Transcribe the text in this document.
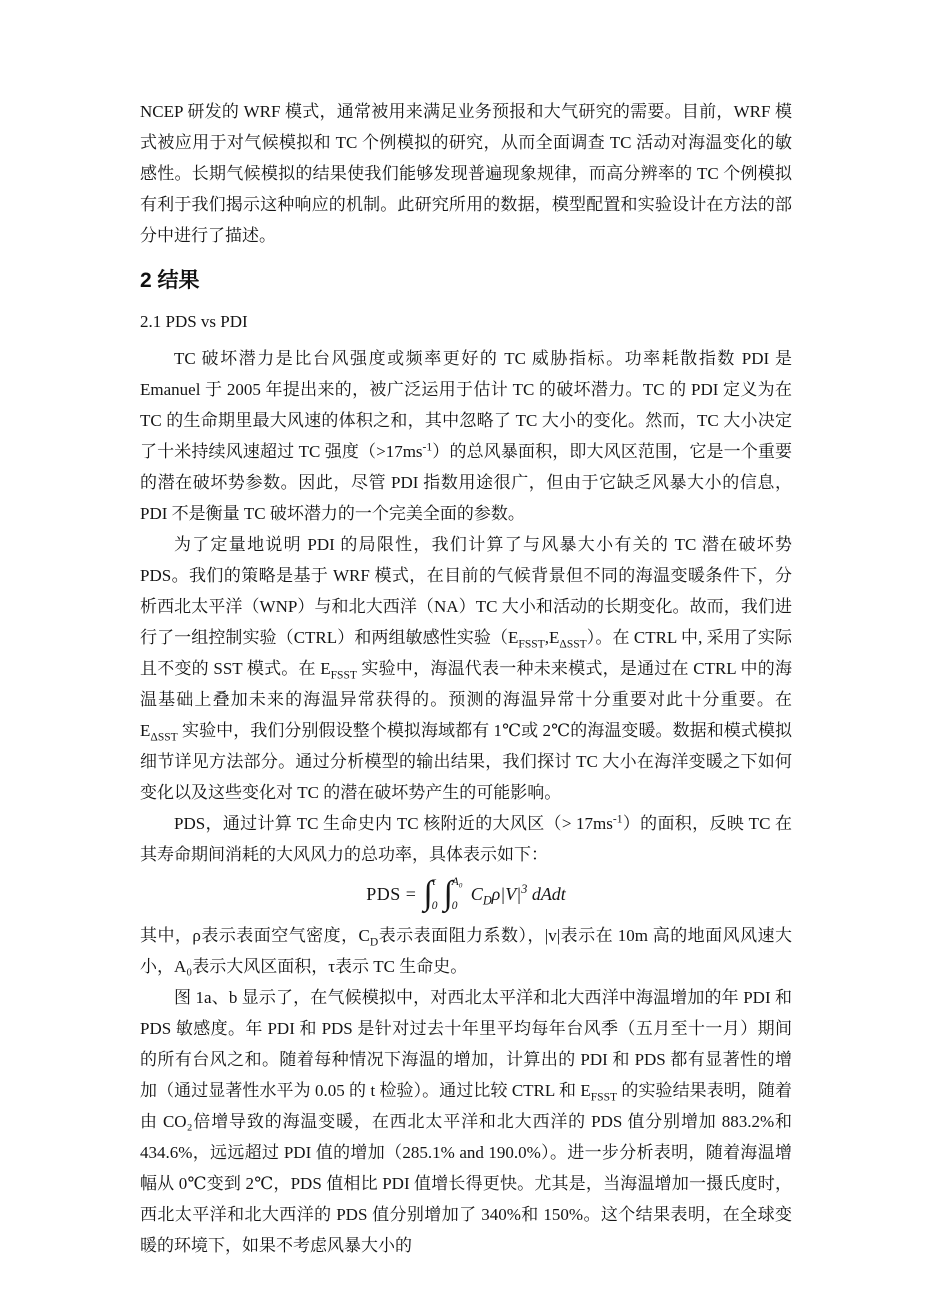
NCEP 研发的 WRF 模式，通常被用来满足业务预报和大气研究的需要。目前，WRF 模式被应用于对气候模拟和 TC 个例模拟的研究，从而全面调查 TC 活动对海温变化的敏感性。长期气候模拟的结果使我们能够发现普遍现象规律，而高分辨率的 TC 个例模拟有利于我们揭示这种响应的机制。此研究所用的数据，模型配置和实验设计在方法的部分中进行了描述。

2 结果
2.1 PDS vs PDI

TC 破坏潜力是比台风强度或频率更好的 TC 威胁指标。功率耗散指数 PDI 是 Emanuel 于 2005 年提出来的，被广泛运用于估计 TC 的破坏潜力。TC 的 PDI 定义为在 TC 的生命期里最大风速的体积之和，其中忽略了 TC 大小的变化。然而，TC 大小决定了十米持续风速超过 TC 强度$(>17ms^{-1})$的总风暴面积，即大风区范围，它是一个重要的潜在破坏势参数。因此，尽管 PDI 指数用途很广，但由于它缺乏风暴大小的信息，PDI 不是衡量 TC 破坏潜力的一个完美全面的参数。

为了定量地说明 PDI 的局限性，我们计算了与风暴大小有关的 TC 潜在破坏势 PDS。我们的策略是基于 WRF 模式，在目前的气候背景但不同的海温变暖条件下，分析西北太平洋（WNP）与和北大西洋（NA）TC 大小和活动的长期变化。故而，我们进行了一组控制实验（CTRL）和两组敏感性实验$(E_{FSST},E_{\Delta SST})$。在 CTRL 中, 采用了实际且不变的 SST 模式。在 $E_{FSST}$ 实验中，海温代表一种未来模式，是通过在 CTRL 中的海温基础上叠加未来的海温异常获得的。预测的海温异常十分重要对此十分重要。在 $E_{\Delta SST}$ 实验中，我们分别假设整个模拟海域都有 1℃或 2℃的海温变暖。数据和模式模拟细节详见方法部分。通过分析模型的输出结果，我们探讨 TC 大小在海洋变暖之下如何变化以及这些变化对 TC 的潜在破坏势产生的可能影响。

PDS，通过计算 TC 生命史内 TC 核附近的大风区（> $17ms^{-1}$）的面积，反映 TC 在其寿命期间消耗的大风风力的总功率，具体表示如下：

PDS = ∫ τ
0 ∫ A₀
0
$C_D\rho|V|^3$ dAdt

其中，ρ表示表面空气密度，$C_D$表示表面阻力系数），|v|表示在 10m 高的地面风风速大小，A₀表示大风区面积，τ表示 TC 生命史。

图 1a、b 显示了，在气候模拟中，对西北太平洋和北大西洋中海温增加的年 PDI 和 PDS 敏感度。年 PDI 和 PDS 是针对过去十年里平均每年台风季（五月至十一月）期间的所有台风之和。随着每种情况下海温的增加，计算出的 PDI 和 PDS 都有显著性的增加（通过显著性水平为 0.05 的 t 检验）。通过比较 CTRL 和 $E_{FSST}$ 的实验结果表明，随着由 CO₂倍增导致的海温变暖，在西北太平洋和北大西洋的 PDS 值分别增加 883.2%和 434.6%，远远超过 PDI 值的增加（285.1% and 190.0%）。进一步分析表明，随着海温增幅从 0℃变到 2℃，PDS 值相比 PDI 值增长得更快。尤其是，当海温增加一摄氏度时，西北太平洋和北大西洋的 PDS 值分别增加了 340%和 150%。这个结果表明，在全球变暖的环境下，如果不考虑风暴大小的
